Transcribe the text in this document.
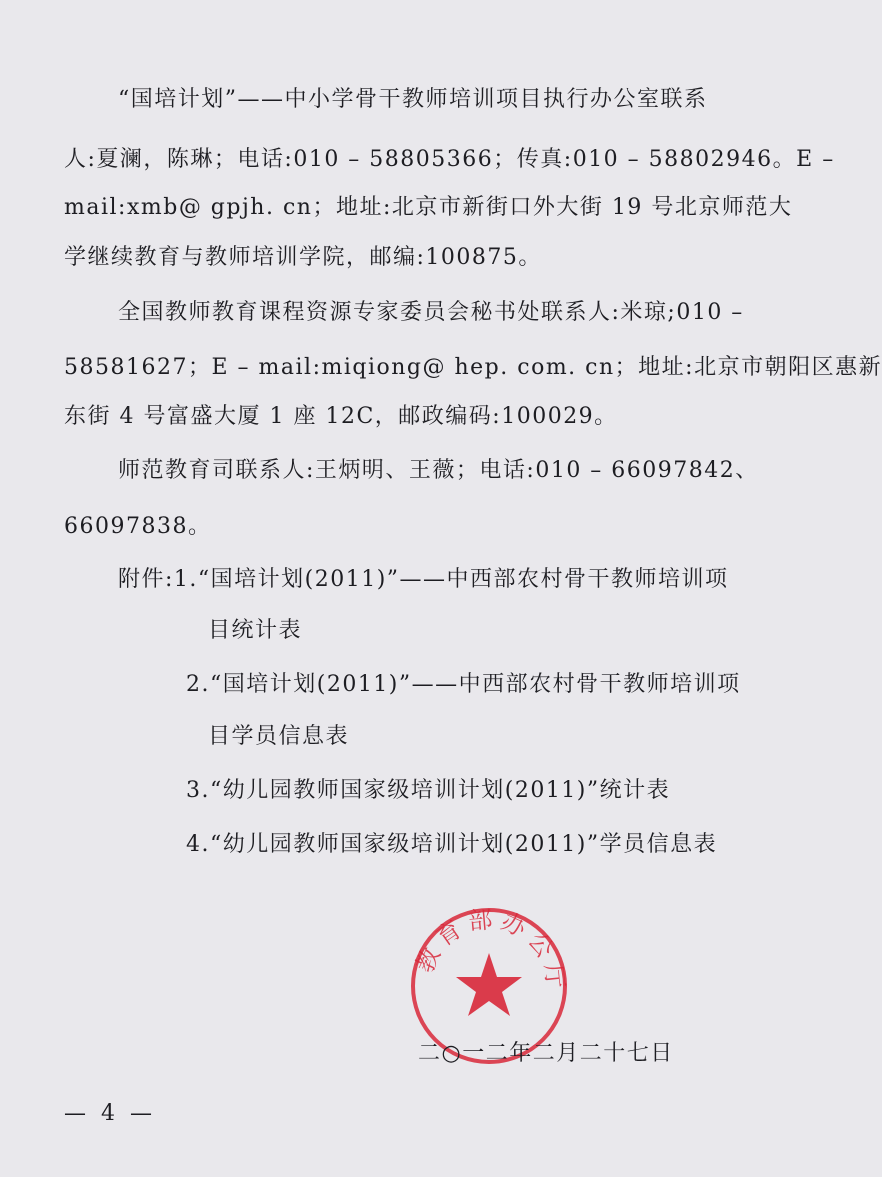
“国培计划”——中小学骨干教师培训项目执行办公室联系
人:夏澜，陈琳；电话:010 – 58805366；传真:010 – 58802946。E –
mail:xmb@ gpjh. cn；地址:北京市新街口外大街 19 号北京师范大
学继续教育与教师培训学院，邮编:100875。
全国教师教育课程资源专家委员会秘书处联系人:米琼;010 –
58581627；E – mail:miqiong@ hep. com. cn；地址:北京市朝阳区惠新
东街 4 号富盛大厦 1 座 12C，邮政编码:100029。
师范教育司联系人:王炳明、王薇；电话:010 – 66097842、
66097838。
附件:1.“国培计划(2011)”——中西部农村骨干教师培训项
目统计表
2.“国培计划(2011)”——中西部农村骨干教师培训项
目学员信息表
3.“幼儿园教师国家级培训计划(2011)”统计表
4.“幼儿园教师国家级培训计划(2011)”学员信息表
教育部办公厅
二○一二年二月二十七日
— 4 —
